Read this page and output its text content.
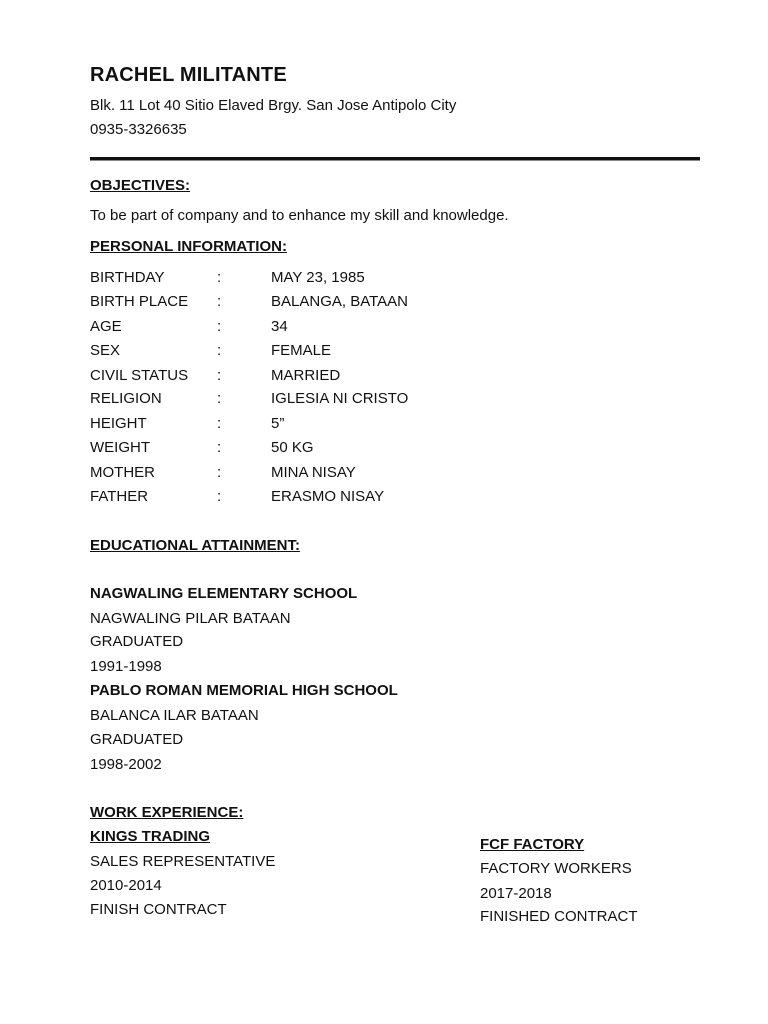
RACHEL MILITANTE
Blk. 11 Lot 40 Sitio Elaved Brgy. San Jose Antipolo City
0935-3326635
OBJECTIVES:
To be part of company and to enhance my skill and knowledge.
PERSONAL INFORMATION:
BIRTHDAY	:	MAY 23, 1985
BIRTH PLACE :	BALANGA, BATAAN
AGE	:	34
SEX	:	FEMALE
CIVIL STATUS :	MARRIED
RELIGION	:	IGLESIA NI CRISTO
HEIGHT	:	5”
WEIGHT	:	50 KG
MOTHER	:	MINA NISAY
FATHER	:	ERASMO NISAY
EDUCATIONAL ATTAINMENT:
NAGWALING ELEMENTARY SCHOOL
NAGWALING PILAR BATAAN
GRADUATED
1991-1998
PABLO ROMAN MEMORIAL HIGH SCHOOL
BALANCA ILAR BATAAN
GRADUATED
1998-2002
WORK EXPERIENCE:
KINGS TRADING
SALES REPRESENTATIVE
2010-2014
FINISH CONTRACT
FCF FACTORY
FACTORY WORKERS
2017-2018
FINISHED CONTRACT
